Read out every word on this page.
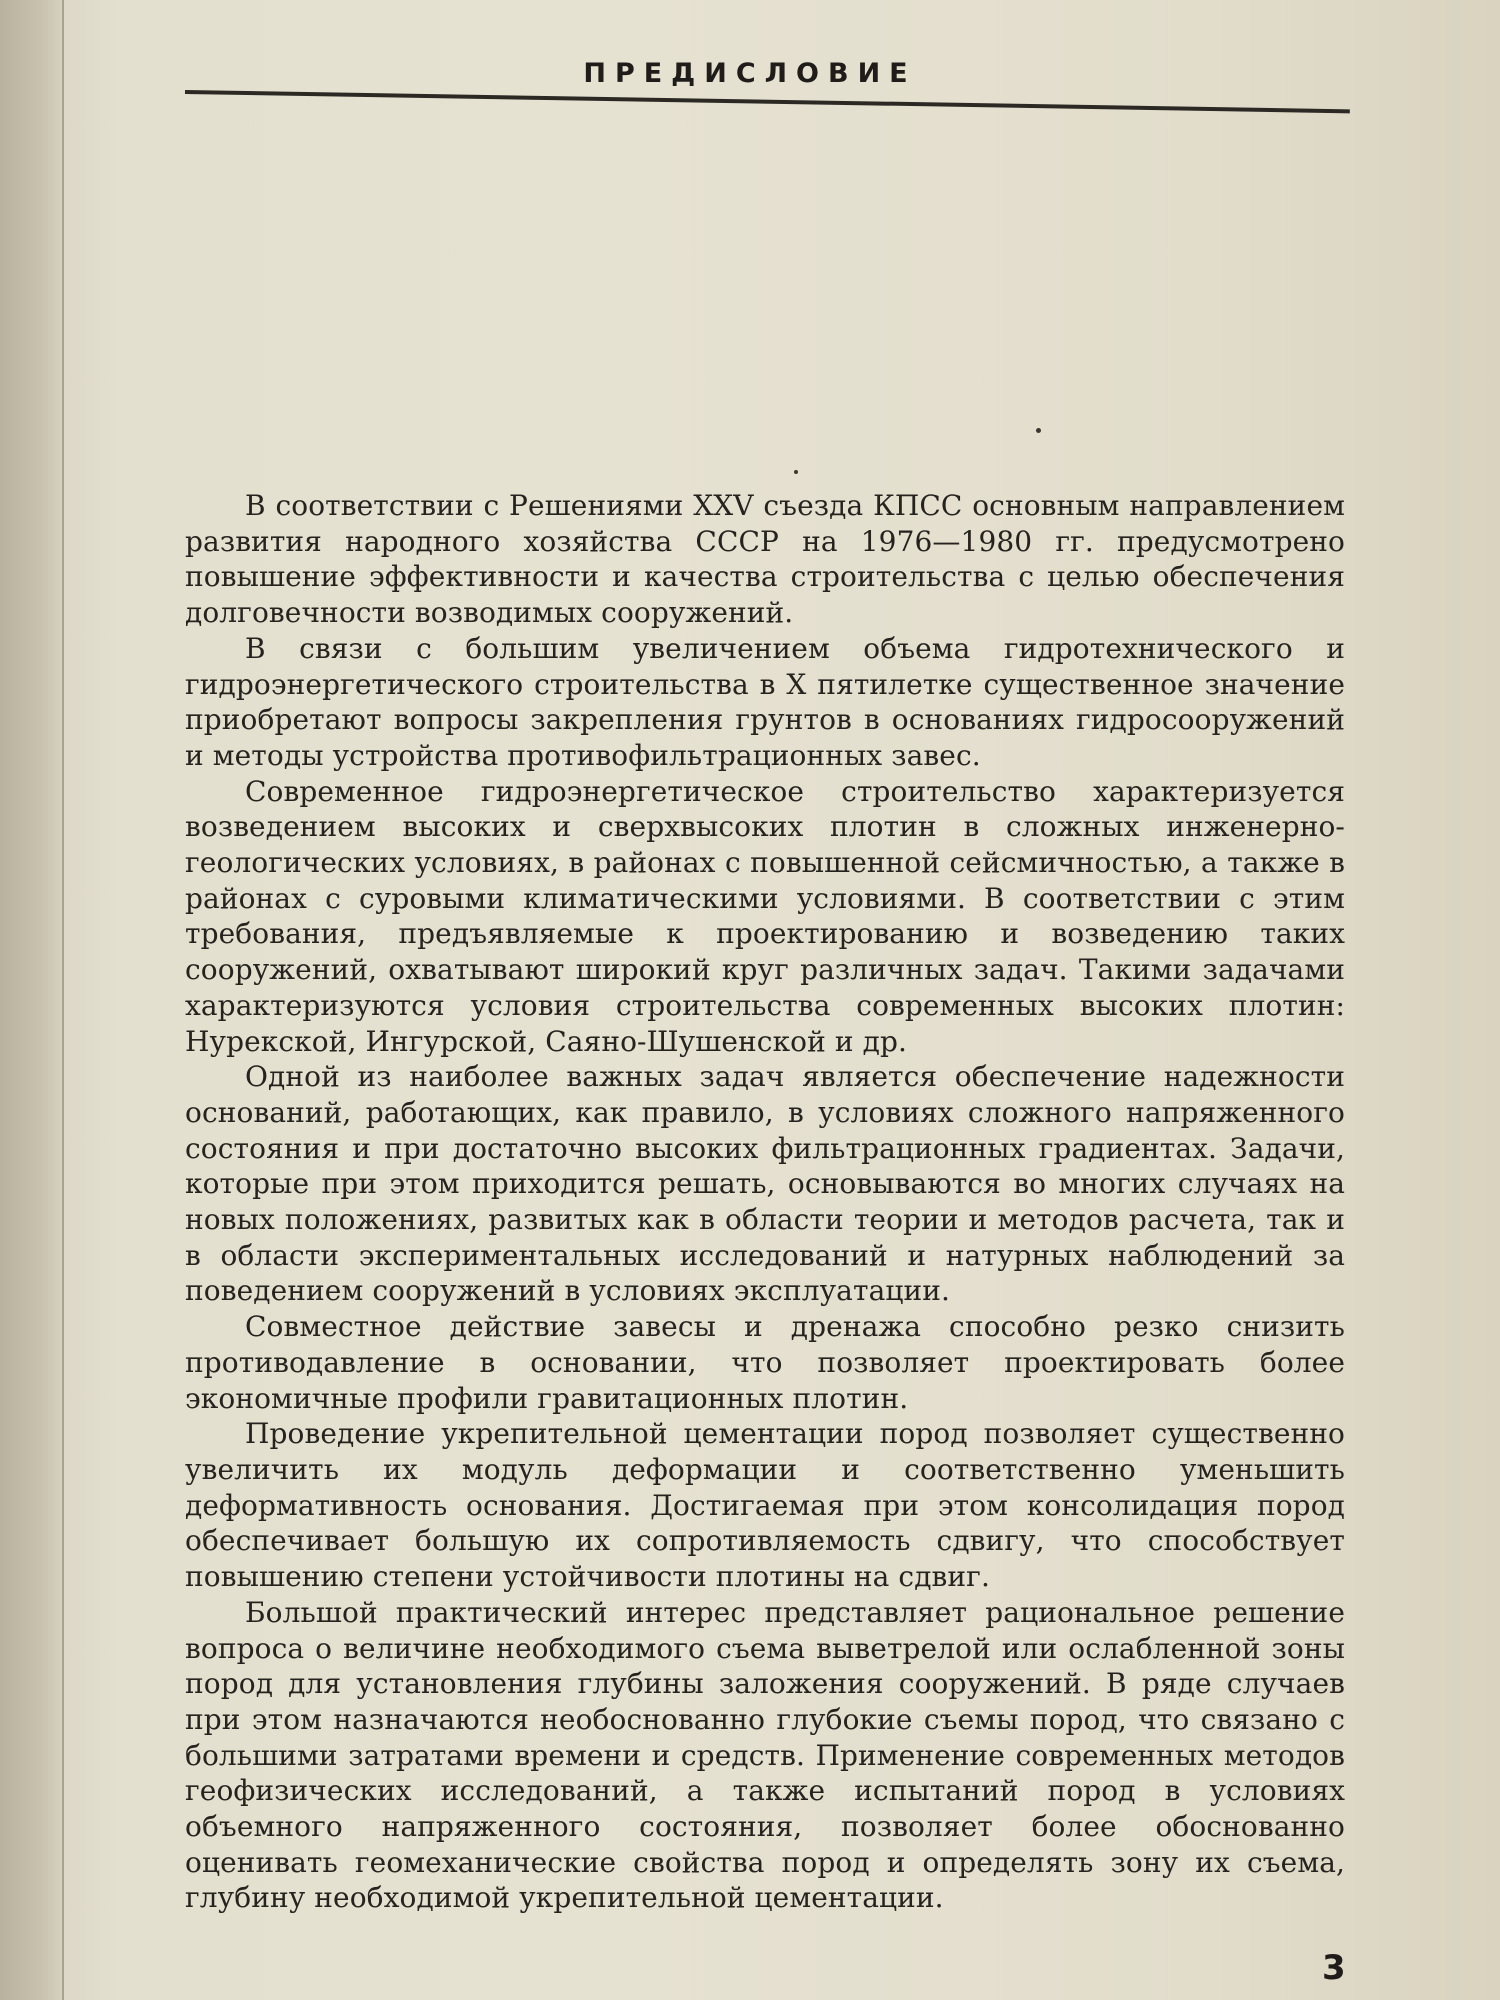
ПРЕДИСЛОВИЕ

В соответствии с Решениями XXV съезда КПСС основным направлением развития народного хозяйства СССР на 1976—1980 гг. предусмотрено повышение эффективности и качества строительства с целью обеспечения долговечности возводимых сооружений.

В связи с большим увеличением объема гидротехнического и гидроэнергетического строительства в X пятилетке существенное значение приобретают вопросы закрепления грунтов в основаниях гидросооружений и методы устройства противофильтрационных завес.

Современное гидроэнергетическое строительство характеризуется возведением высоких и сверхвысоких плотин в сложных инженерно-геологических условиях, в районах с повышенной сейсмичностью, а также в районах с суровыми климатическими условиями. В соответствии с этим требования, предъявляемые к проектированию и возведению таких сооружений, охватывают широкий круг различных задач. Такими задачами характеризуются условия строительства современных высоких плотин: Нурекской, Ингурской, Саяно-Шушенской и др.

Одной из наиболее важных задач является обеспечение надежности оснований, работающих, как правило, в условиях сложного напряженного состояния и при достаточно высоких фильтрационных градиентах. Задачи, которые при этом приходится решать, основываются во многих случаях на новых положениях, развитых как в области теории и методов расчета, так и в области экспериментальных исследований и натурных наблюдений за поведением сооружений в условиях эксплуатации.

Совместное действие завесы и дренажа способно резко снизить противодавление в основании, что позволяет проектировать более экономичные профили гравитационных плотин.

Проведение укрепительной цементации пород позволяет существенно увеличить их модуль деформации и соответственно уменьшить деформативность основания. Достигаемая при этом консолидация пород обеспечивает большую их сопротивляемость сдвигу, что способствует повышению степени устойчивости плотины на сдвиг.

Большой практический интерес представляет рациональное решение вопроса о величине необходимого съема выветрелой или ослабленной зоны пород для установления глубины заложения сооружений. В ряде случаев при этом назначаются необоснованно глубокие съемы пород, что связано с большими затратами времени и средств. Применение современных методов геофизических исследований, а также испытаний пород в условиях объемного напряженного состояния, позволяет более обоснованно оценивать геомеханические свойства пород и определять зону их съема, глубину необходимой укрепительной цементации.

3
